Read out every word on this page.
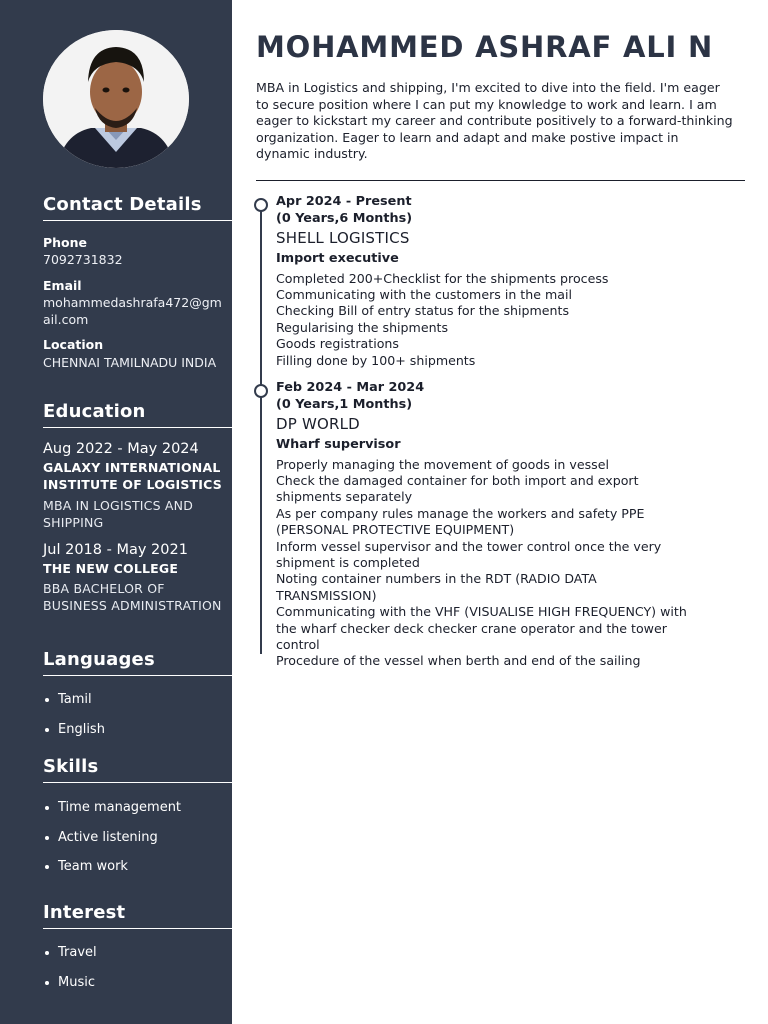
Contact Details
Phone
7092731832
Email
mohammedashrafa472@gmail.com
Location
CHENNAI TAMILNADU INDIA
Education
Aug 2022 - May 2024
GALAXY INTERNATIONAL INSTITUTE OF LOGISTICS
MBA IN LOGISTICS AND SHIPPING
Jul 2018 - May 2021
THE NEW COLLEGE
BBA BACHELOR OF BUSINESS ADMINISTRATION
Languages
Tamil
English
Skills
Time management
Active listening
Team work
Interest
Travel
Music
MOHAMMED ASHRAF ALI N
MBA in Logistics and shipping, I'm excited to dive into the field. I'm eager to secure position where I can put my knowledge to work and learn. I am eager to kickstart my career and contribute positively to a forward-thinking organization. Eager to learn and adapt and make postive impact in dynamic industry.
Apr 2024 - Present
(0 Years,6 Months)
SHELL LOGISTICS
Import executive
Completed 200+Checklist for the shipments process
Communicating with the customers in the mail
Checking Bill of entry status for the shipments
Regularising the shipments
Goods registrations
Filling done by 100+ shipments
Feb 2024 - Mar 2024
(0 Years,1 Months)
DP WORLD
Wharf supervisor
Properly managing the movement of goods in vessel
Check the damaged container for both import and export
shipments separately
As per company rules manage the workers and safety PPE
(PERSONAL PROTECTIVE EQUIPMENT)
Inform vessel supervisor and the tower control once the very
shipment is completed
Noting container numbers in the RDT (RADIO DATA
TRANSMISSION)
Communicating with the VHF (VISUALISE HIGH FREQUENCY) with
the wharf checker deck checker crane operator and the tower
control
Procedure of the vessel when berth and end of the sailing
